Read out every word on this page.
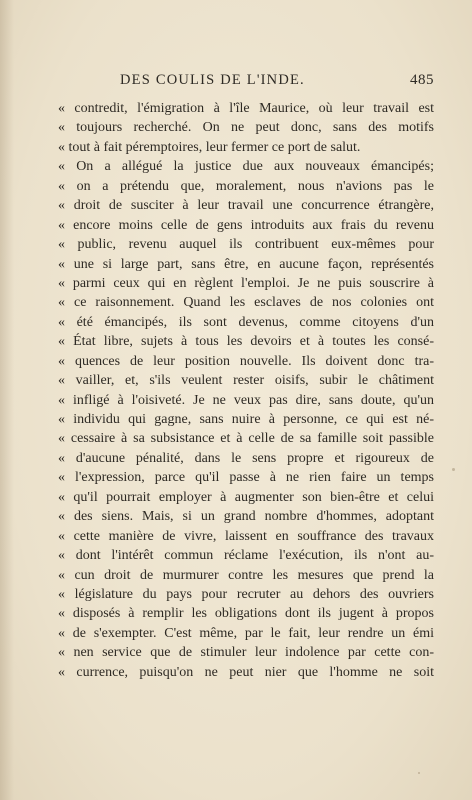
DES COULIS DE L'INDE.	485
« contredit, l'émigration à l'île Maurice, où leur travail est
« toujours recherché. On ne peut donc, sans des motifs
« tout à fait péremptoires, leur fermer ce port de salut.
« On a allégué la justice due aux nouveaux émancipés;
« on a prétendu que, moralement, nous n'avions pas le
« droit de susciter à leur travail une concurrence étrangère,
« encore moins celle de gens introduits aux frais du revenu
« public, revenu auquel ils contribuent eux-mêmes pour
« une si large part, sans être, en aucune façon, représentés
« parmi ceux qui en règlent l'emploi. Je ne puis souscrire à
« ce raisonnement. Quand les esclaves de nos colonies ont
« été émancipés, ils sont devenus, comme citoyens d'un
« État libre, sujets à tous les devoirs et à toutes les consé-
« quences de leur position nouvelle. Ils doivent donc tra-
« vailler, et, s'ils veulent rester oisifs, subir le châtiment
« infligé à l'oisiveté. Je ne veux pas dire, sans doute, qu'un
« individu qui gagne, sans nuire à personne, ce qui est né-
« cessaire à sa subsistance et à celle de sa famille soit passible
« d'aucune pénalité, dans le sens propre et rigoureux de
« l'expression, parce qu'il passe à ne rien faire un temps
« qu'il pourrait employer à augmenter son bien-être et celui
« des siens. Mais, si un grand nombre d'hommes, adoptant
« cette manière de vivre, laissent en souffrance des travaux
« dont l'intérêt commun réclame l'exécution, ils n'ont au-
« cun droit de murmurer contre les mesures que prend la
« législature du pays pour recruter au dehors des ouvriers
« disposés à remplir les obligations dont ils jugent à propos
« de s'exempter. C'est même, par le fait, leur rendre un émi
« nen service que de stimuler leur indolence par cette con-
« currence, puisqu'on ne peut nier que l'homme ne soit
